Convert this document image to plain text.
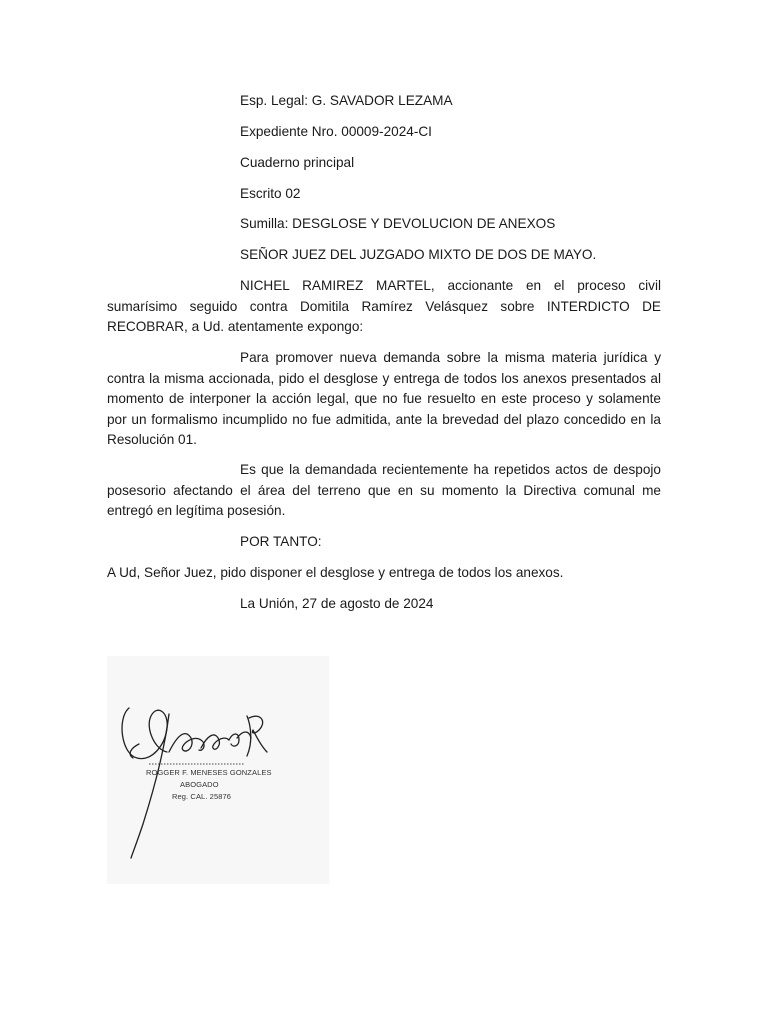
Esp. Legal: G. SAVADOR LEZAMA
Expediente Nro. 00009-2024-CI
Cuaderno principal
Escrito 02
Sumilla: DESGLOSE Y DEVOLUCION DE ANEXOS
SEÑOR JUEZ DEL JUZGADO MIXTO DE DOS DE MAYO.

NICHEL RAMIREZ MARTEL, accionante en el proceso civil sumarísimo seguido contra Domitila Ramírez Velásquez sobre INTERDICTO DE RECOBRAR, a Ud. atentamente expongo:

Para promover nueva demanda sobre la misma materia jurídica y contra la misma accionada, pido el desglose y entrega de todos los anexos presentados al momento de interponer la acción legal, que no fue resuelto en este proceso y solamente por un formalismo incumplido no fue admitida, ante la brevedad del plazo concedido en la Resolución 01.

Es que la demandada recientemente ha repetidos actos de despojo posesorio afectando el área del terreno que en su momento la Directiva comunal me entregó en legítima posesión.

POR TANTO:

A Ud, Señor Juez, pido disponer el desglose y entrega de todos los anexos.

La Unión, 27 de agosto de 2024
ROGGER F. MENESES GONZALES
ABOGADO
Reg. CAL. 25876
